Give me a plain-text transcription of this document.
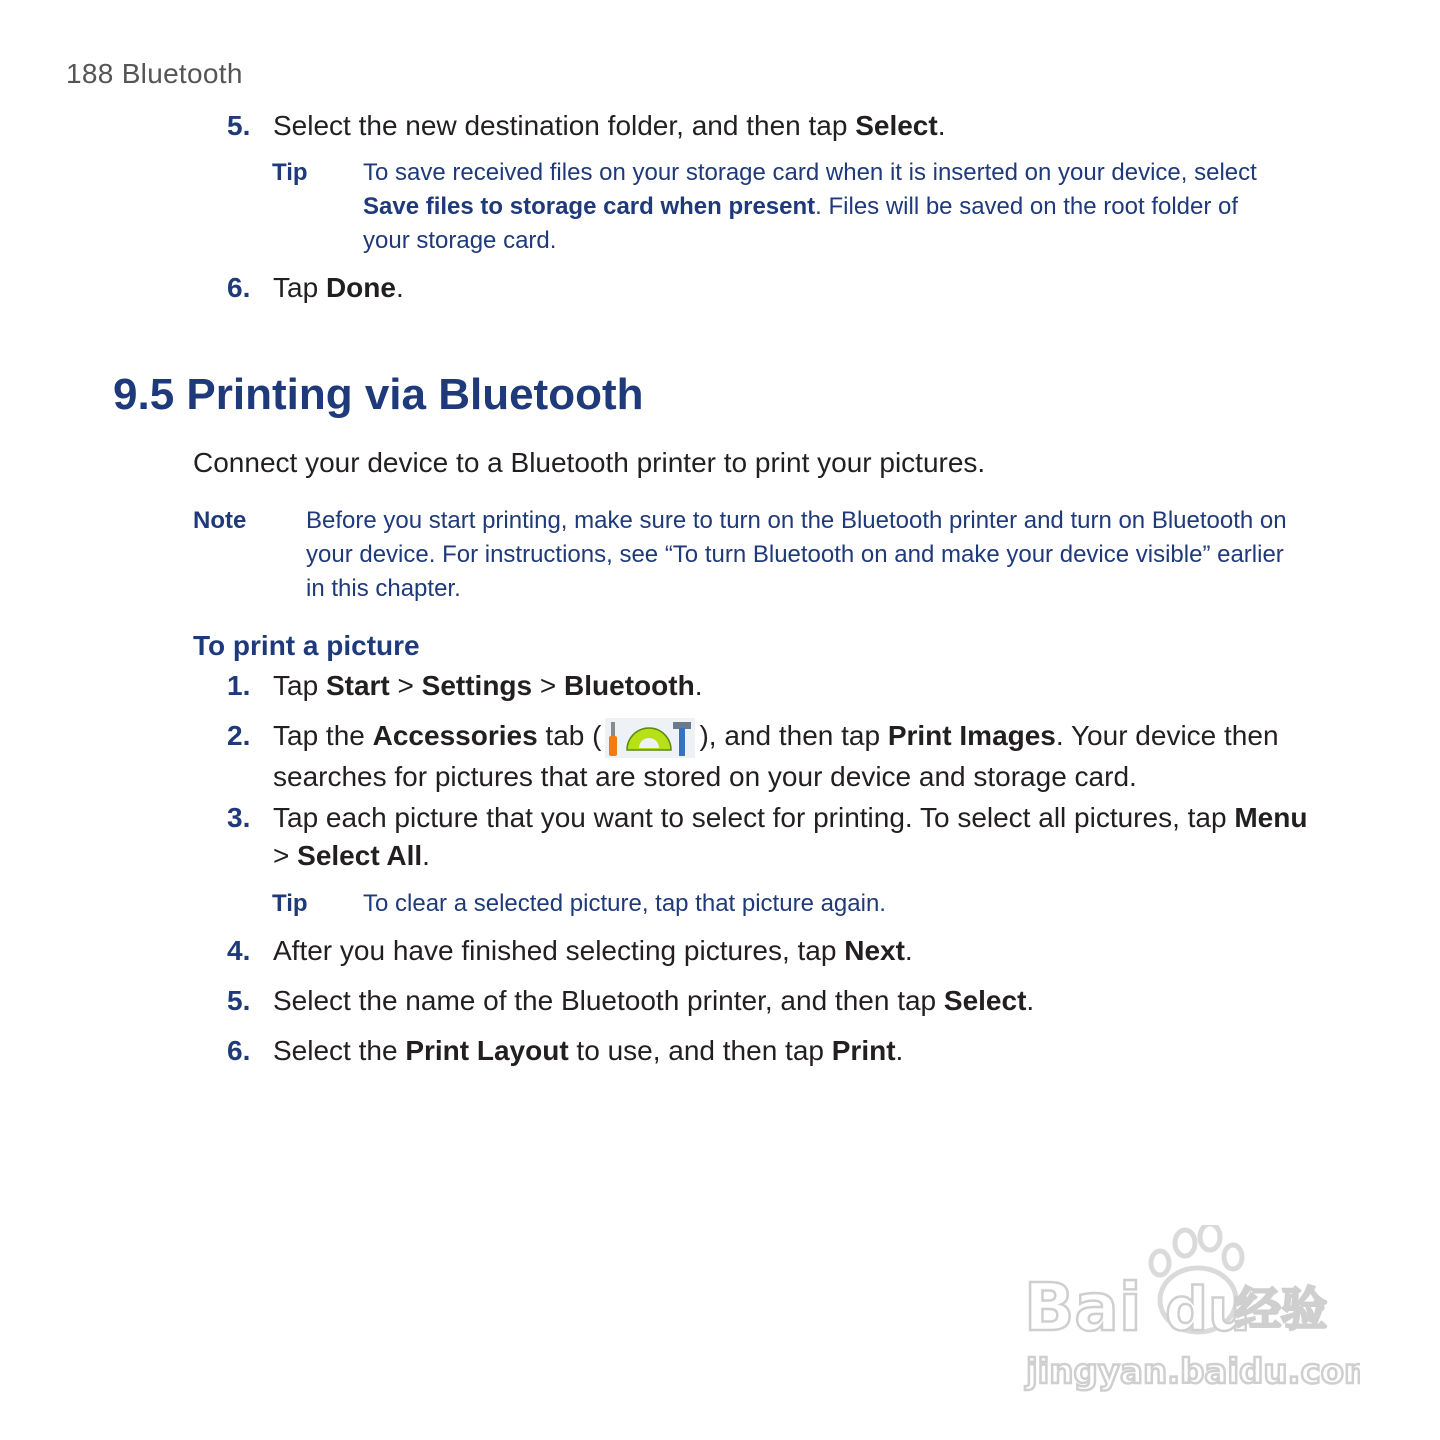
188 Bluetooth
5. Select the new destination folder, and then tap Select.
Tip To save received files on your storage card when it is inserted on your device, select Save files to storage card when present. Files will be saved on the root folder of your storage card.
6. Tap Done.
9.5 Printing via Bluetooth
Connect your device to a Bluetooth printer to print your pictures.
Note Before you start printing, make sure to turn on the Bluetooth printer and turn on Bluetooth on your device. For instructions, see “To turn Bluetooth on and make your device visible” earlier in this chapter.
To print a picture
1. Tap Start > Settings > Bluetooth.
2. Tap the Accessories tab (	), and then tap Print Images. Your device then searches for pictures that are stored on your device and storage card.
3. Tap each picture that you want to select for printing. To select all pictures, tap Menu > Select All.
Tip To clear a selected picture, tap that picture again.
4. After you have finished selecting pictures, tap Next.
5. Select the name of the Bluetooth printer, and then tap Select.
6. Select the Print Layout to use, and then tap Print.
Bai du
经验
jingyan.baidu.com
